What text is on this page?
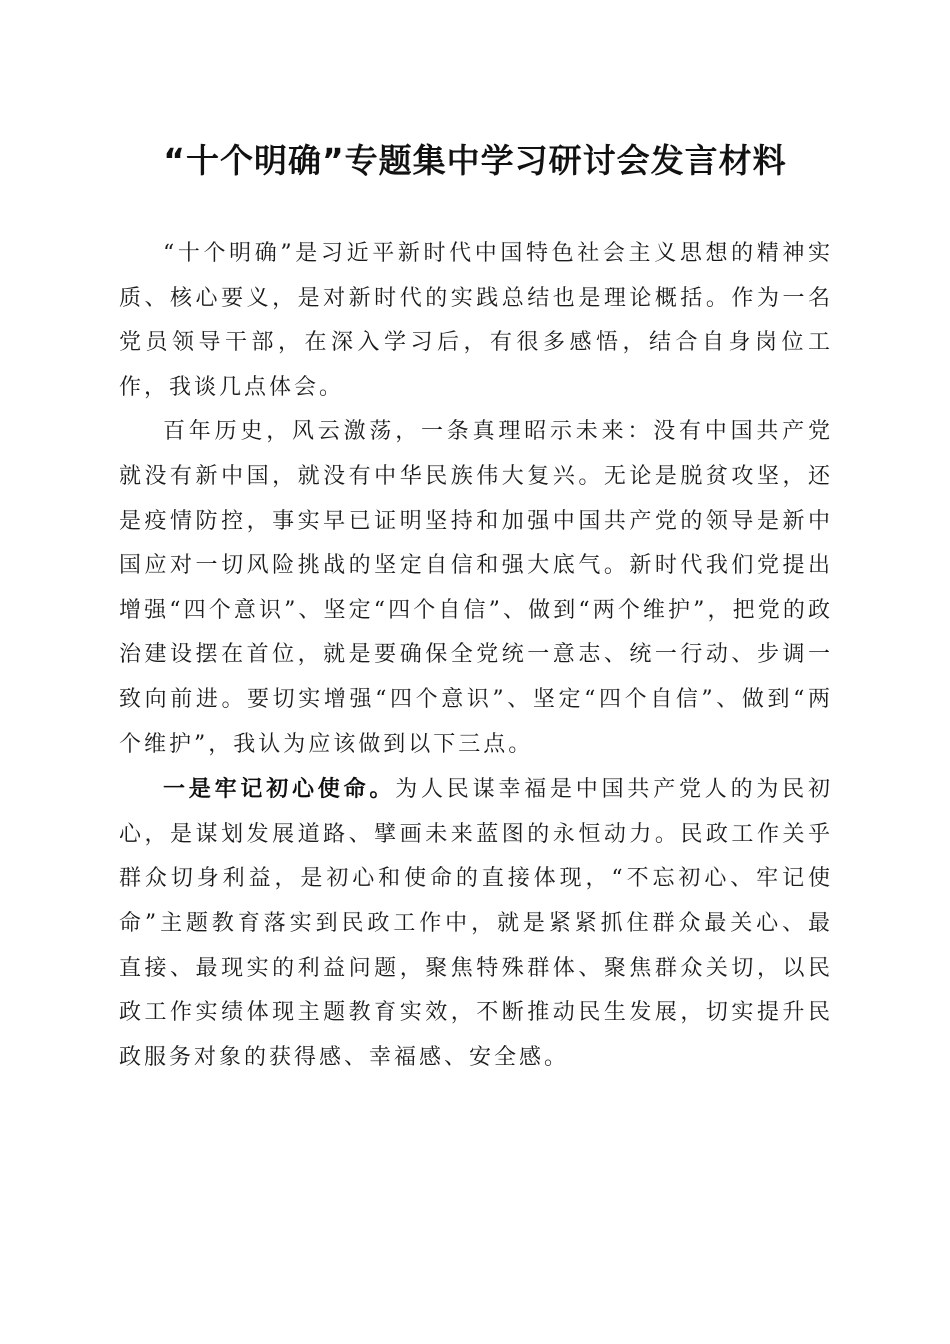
“十个明确”专题集中学习研讨会发言材料

“十个明确”是习近平新时代中国特色社会主义思想的精神实质、核心要义，是对新时代的实践总结也是理论概括。作为一名党员领导干部，在深入学习后，有很多感悟，结合自身岗位工作，我谈几点体会。

百年历史，风云激荡，一条真理昭示未来：没有中国共产党就没有新中国，就没有中华民族伟大复兴。无论是脱贫攻坚，还是疫情防控，事实早已证明坚持和加强中国共产党的领导是新中国应对一切风险挑战的坚定自信和强大底气。新时代我们党提出增强“四个意识”、坚定“四个自信”、做到“两个维护”，把党的政治建设摆在首位，就是要确保全党统一意志、统一行动、步调一致向前进。要切实增强“四个意识”、坚定“四个自信”、做到“两个维护”，我认为应该做到以下三点。

一是牢记初心使命。为人民谋幸福是中国共产党人的为民初心，是谋划发展道路、擘画未来蓝图的永恒动力。民政工作关乎群众切身利益，是初心和使命的直接体现，“不忘初心、牢记使命”主题教育落实到民政工作中，就是紧紧抓住群众最关心、最直接、最现实的利益问题，聚焦特殊群体、聚焦群众关切，以民政工作实绩体现主题教育实效，不断推动民生发展，切实提升民政服务对象的获得感、幸福感、安全感。
